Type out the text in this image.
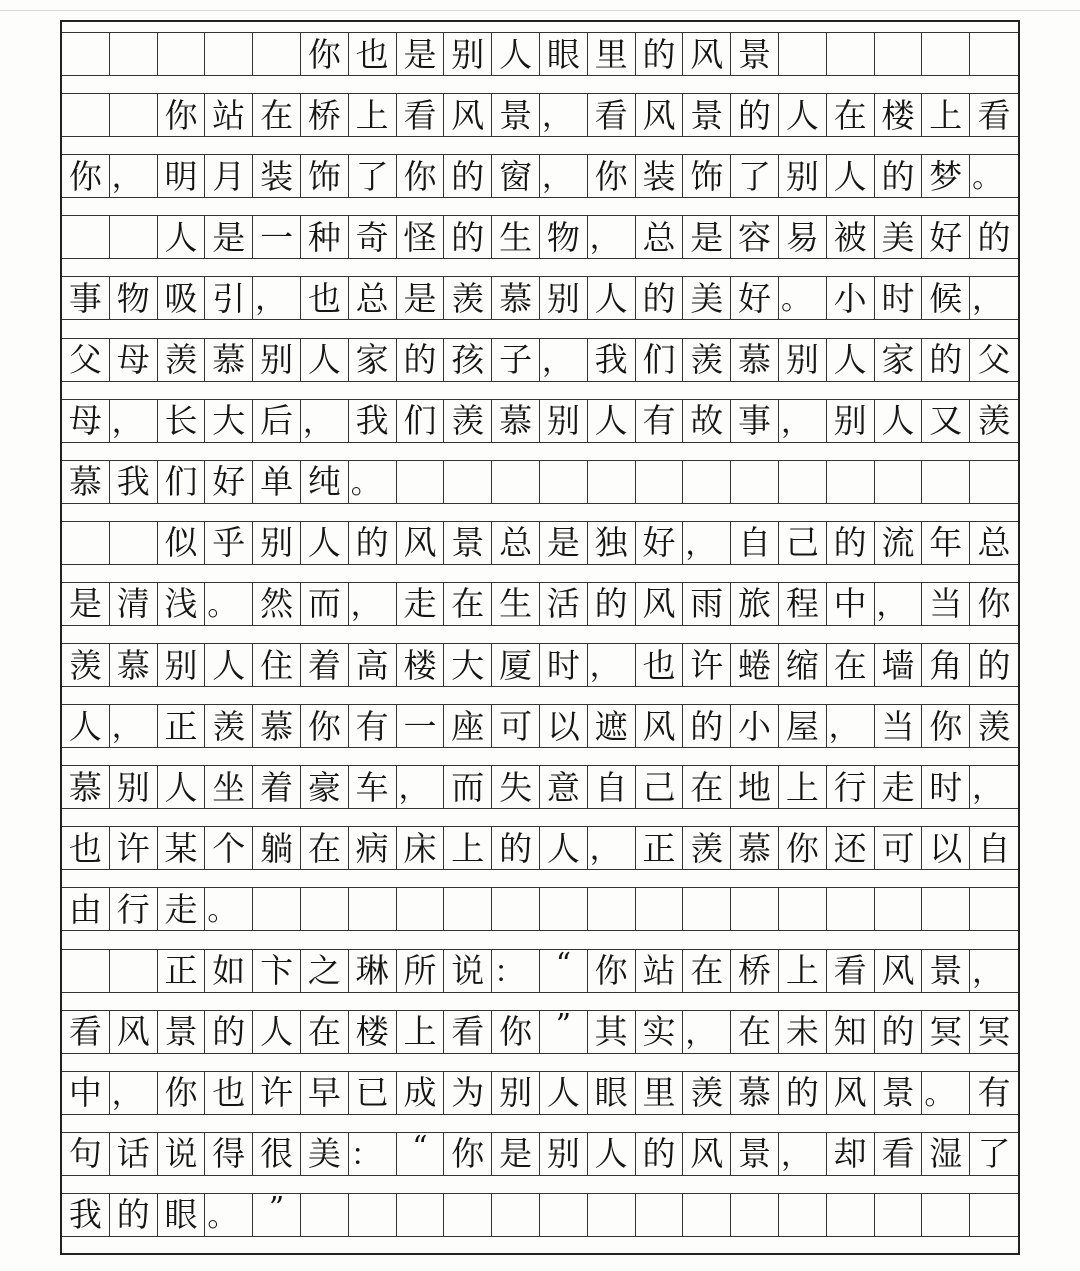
你 也 是 别 人 眼 里 的 风 景
你 站 在 桥 上 看 风 景 ， 看 风 景 的 人 在 楼 上 看
你 ， 明 月 装 饰 了 你 的 窗 ， 你 装 饰 了 别 人 的 梦 。
人 是 一 种 奇 怪 的 生 物 ， 总 是 容 易 被 美 好 的
事 物 吸 引 ， 也 总 是 羡 慕 别 人 的 美 好 。 小 时 候 ，
父 母 羡 慕 别 人 家 的 孩 子 ， 我 们 羡 慕 别 人 家 的 父
母 ， 长 大 后 ， 我 们 羡 慕 别 人 有 故 事 ， 别 人 又 羡
慕 我 们 好 单 纯 。
似 乎 别 人 的 风 景 总 是 独 好 ， 自 己 的 流 年 总
是 清 浅 。 然 而 ， 走 在 生 活 的 风 雨 旅 程 中 ， 当 你
羡 慕 别 人 住 着 高 楼 大 厦 时 ， 也 许 蜷 缩 在 墙 角 的
人 ， 正 羡 慕 你 有 一 座 可 以 遮 风 的 小 屋 ， 当 你 羡
慕 别 人 坐 着 豪 车 ， 而 失 意 自 己 在 地 上 行 走 时 ，
也 许 某 个 躺 在 病 床 上 的 人 ， 正 羡 慕 你 还 可 以 自
由 行 走 。
正 如 卞 之 琳 所 说 ：	“ 你 站 在 桥 上 看 风 景 ，
看 风 景 的 人 在 楼 上 看 你 ” 其 实 ， 在 未 知 的 冥 冥
中 ， 你 也 许 早 已 成 为 别 人 眼 里 羡 慕 的 风 景 。 有
句 话 说 得 很 美 ：	“ 你 是 别 人 的 风 景 ， 却 看 湿 了
我 的 眼 。	”
